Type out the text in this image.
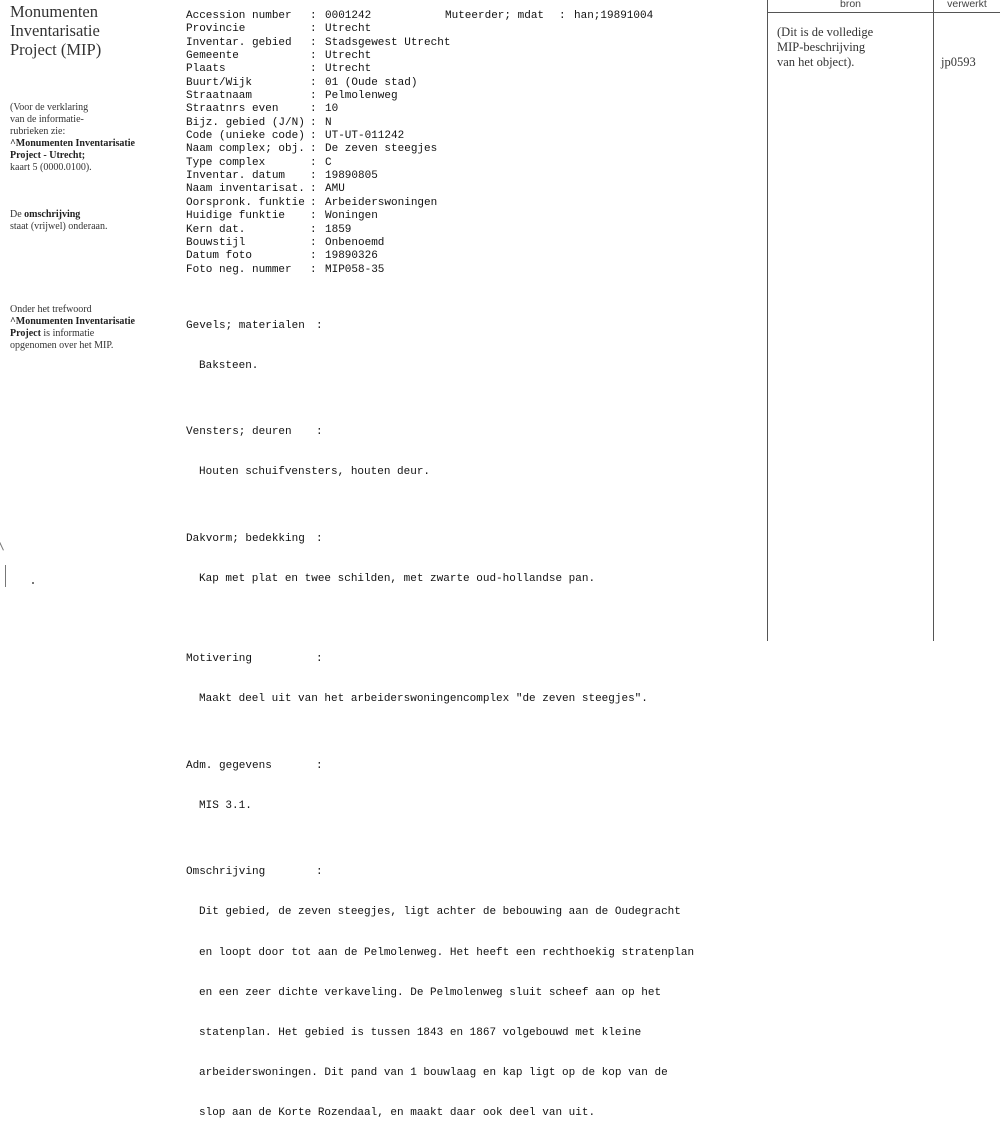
Monumenten
Inventarisatie
Project (MIP)
(Voor de verklaring
van de informatie-
rubrieken zie:
^Monumenten Inventarisatie
Project - Utrecht;
kaart 5 (0000.0100).
De omschrijving
staat (vrijwel) onderaan.
Onder het trefwoord
^Monumenten Inventarisatie
Project is informatie
opgenomen over het MIP.
Muteerder; mdat : han;19891004
Accession number	: 0001242
Provincie	: Utrecht
Inventar. gebied	: Stadsgewest Utrecht
Gemeente	: Utrecht
Plaats	: Utrecht
Buurt/Wijk	: 01 (Oude stad)
Straatnaam	: Pelmolenweg
Straatnrs even	: 10
Bijz. gebied (J/N) : N
Code (unieke code) : UT-UT-011242
Naam complex; obj. : De zeven steegjes
Type complex	: C
Inventar. datum	: 19890805
Naam inventarisat. : AMU
Oorspronk. funktie : Arbeiderswoningen
Huidige funktie	: Woningen
Kern dat.	: 1859
Bouwstijl	: Onbenoemd
Datum foto	: 19890326
Foto neg. nummer	: MIP058-35

Gevels; materialen	:

Baksteen.

Vensters; deuren	:

Houten schuifvensters, houten deur.

Dakvorm; bedekking	:

Kap met plat en twee schilden, met zwarte oud-hollandse pan.

Motivering	:

Maakt deel uit van het arbeiderswoningencomplex "de zeven steegjes".

Adm. gegevens	:

MIS 3.1.

Omschrijving	:

Dit gebied, de zeven steegjes, ligt achter de bebouwing aan de Oudegracht

en loopt door tot aan de Pelmolenweg. Het heeft een rechthoekig stratenplan

en een zeer dichte verkaveling. De Pelmolenweg sluit scheef aan op het

statenplan. Het gebied is tussen 1843 en 1867 volgebouwd met kleine

arbeiderswoningen. Dit pand van 1 bouwlaag en kap ligt op de kop van de

slop aan de Korte Rozendaal, en maakt daar ook deel van uit.

bron	verwerkt
(Dit is de volledige
MIP-beschrijving
van het object).	jp0593
